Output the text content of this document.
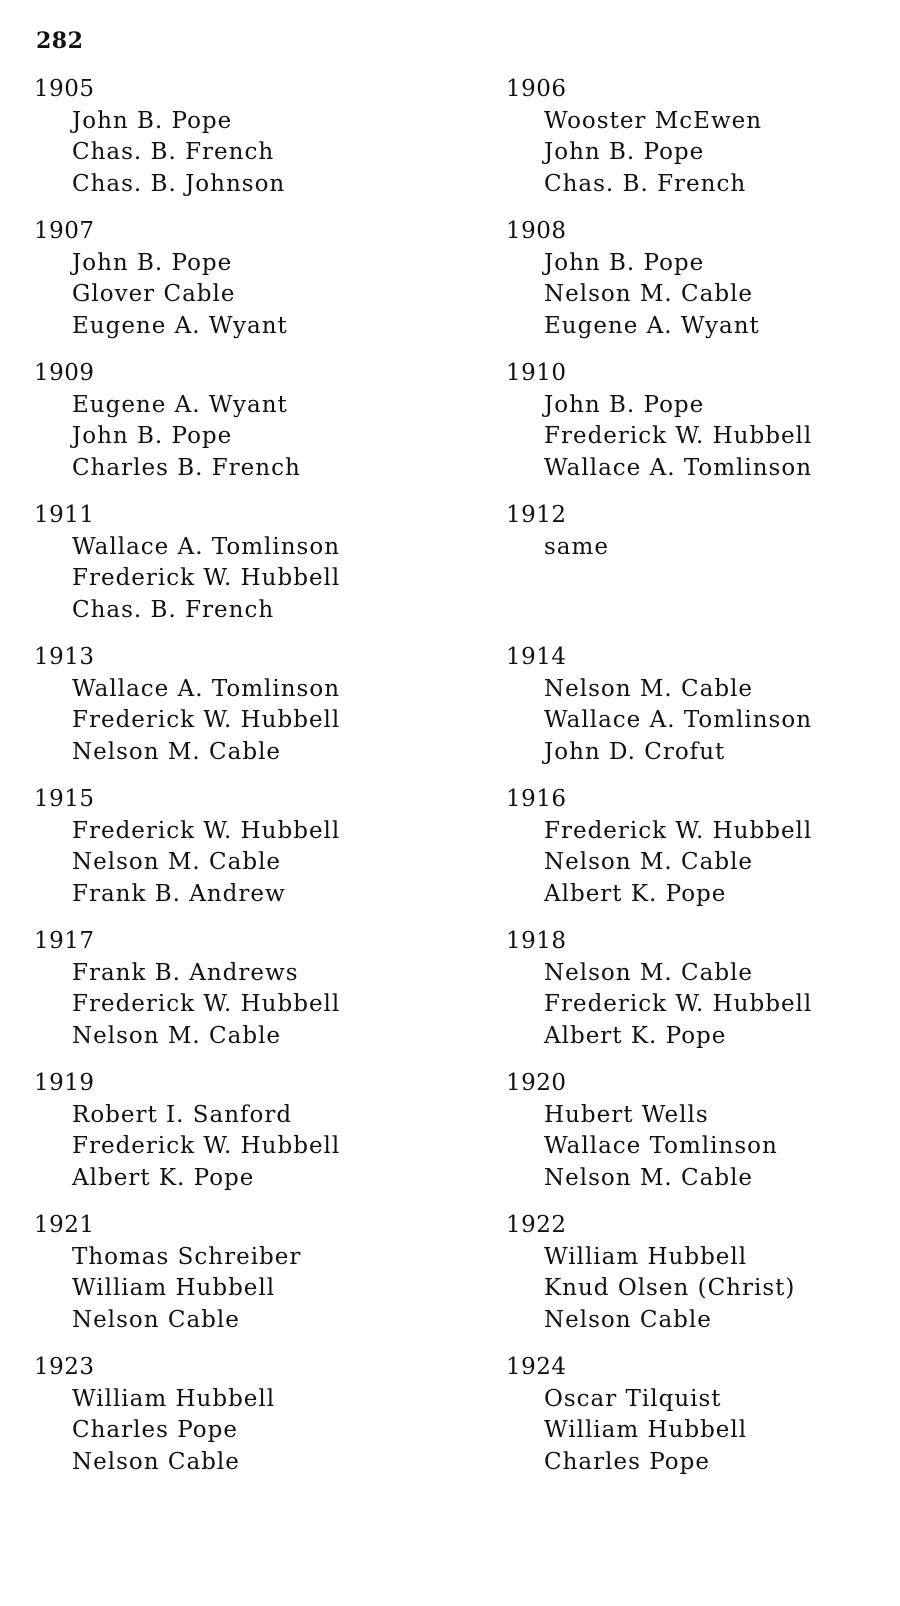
282
1905
John B. Pope
Chas. B. French
Chas. B. Johnson
1907
John B. Pope
Glover Cable
Eugene A. Wyant
1909
Eugene A. Wyant
John B. Pope
Charles B. French
1911
Wallace A. Tomlinson
Frederick W. Hubbell
Chas. B. French
1913
Wallace A. Tomlinson
Frederick W. Hubbell
Nelson M. Cable
1915
Frederick W. Hubbell
Nelson M. Cable
Frank B. Andrew
1917
Frank B. Andrews
Frederick W. Hubbell
Nelson M. Cable
1919
Robert I. Sanford
Frederick W. Hubbell
Albert K. Pope
1921
Thomas Schreiber
William Hubbell
Nelson Cable
1923
William Hubbell
Charles Pope
Nelson Cable
1906
Wooster McEwen
John B. Pope
Chas. B. French
1908
John B. Pope
Nelson M. Cable
Eugene A. Wyant
1910
John B. Pope
Frederick W. Hubbell
Wallace A. Tomlinson
1912
same
1914
Nelson M. Cable
Wallace A. Tomlinson
John D. Crofut
1916
Frederick W. Hubbell
Nelson M. Cable
Albert K. Pope
1918
Nelson M. Cable
Frederick W. Hubbell
Albert K. Pope
1920
Hubert Wells
Wallace Tomlinson
Nelson M. Cable
1922
William Hubbell
Knud Olsen (Christ)
Nelson Cable
1924
Oscar Tilquist
William Hubbell
Charles Pope
